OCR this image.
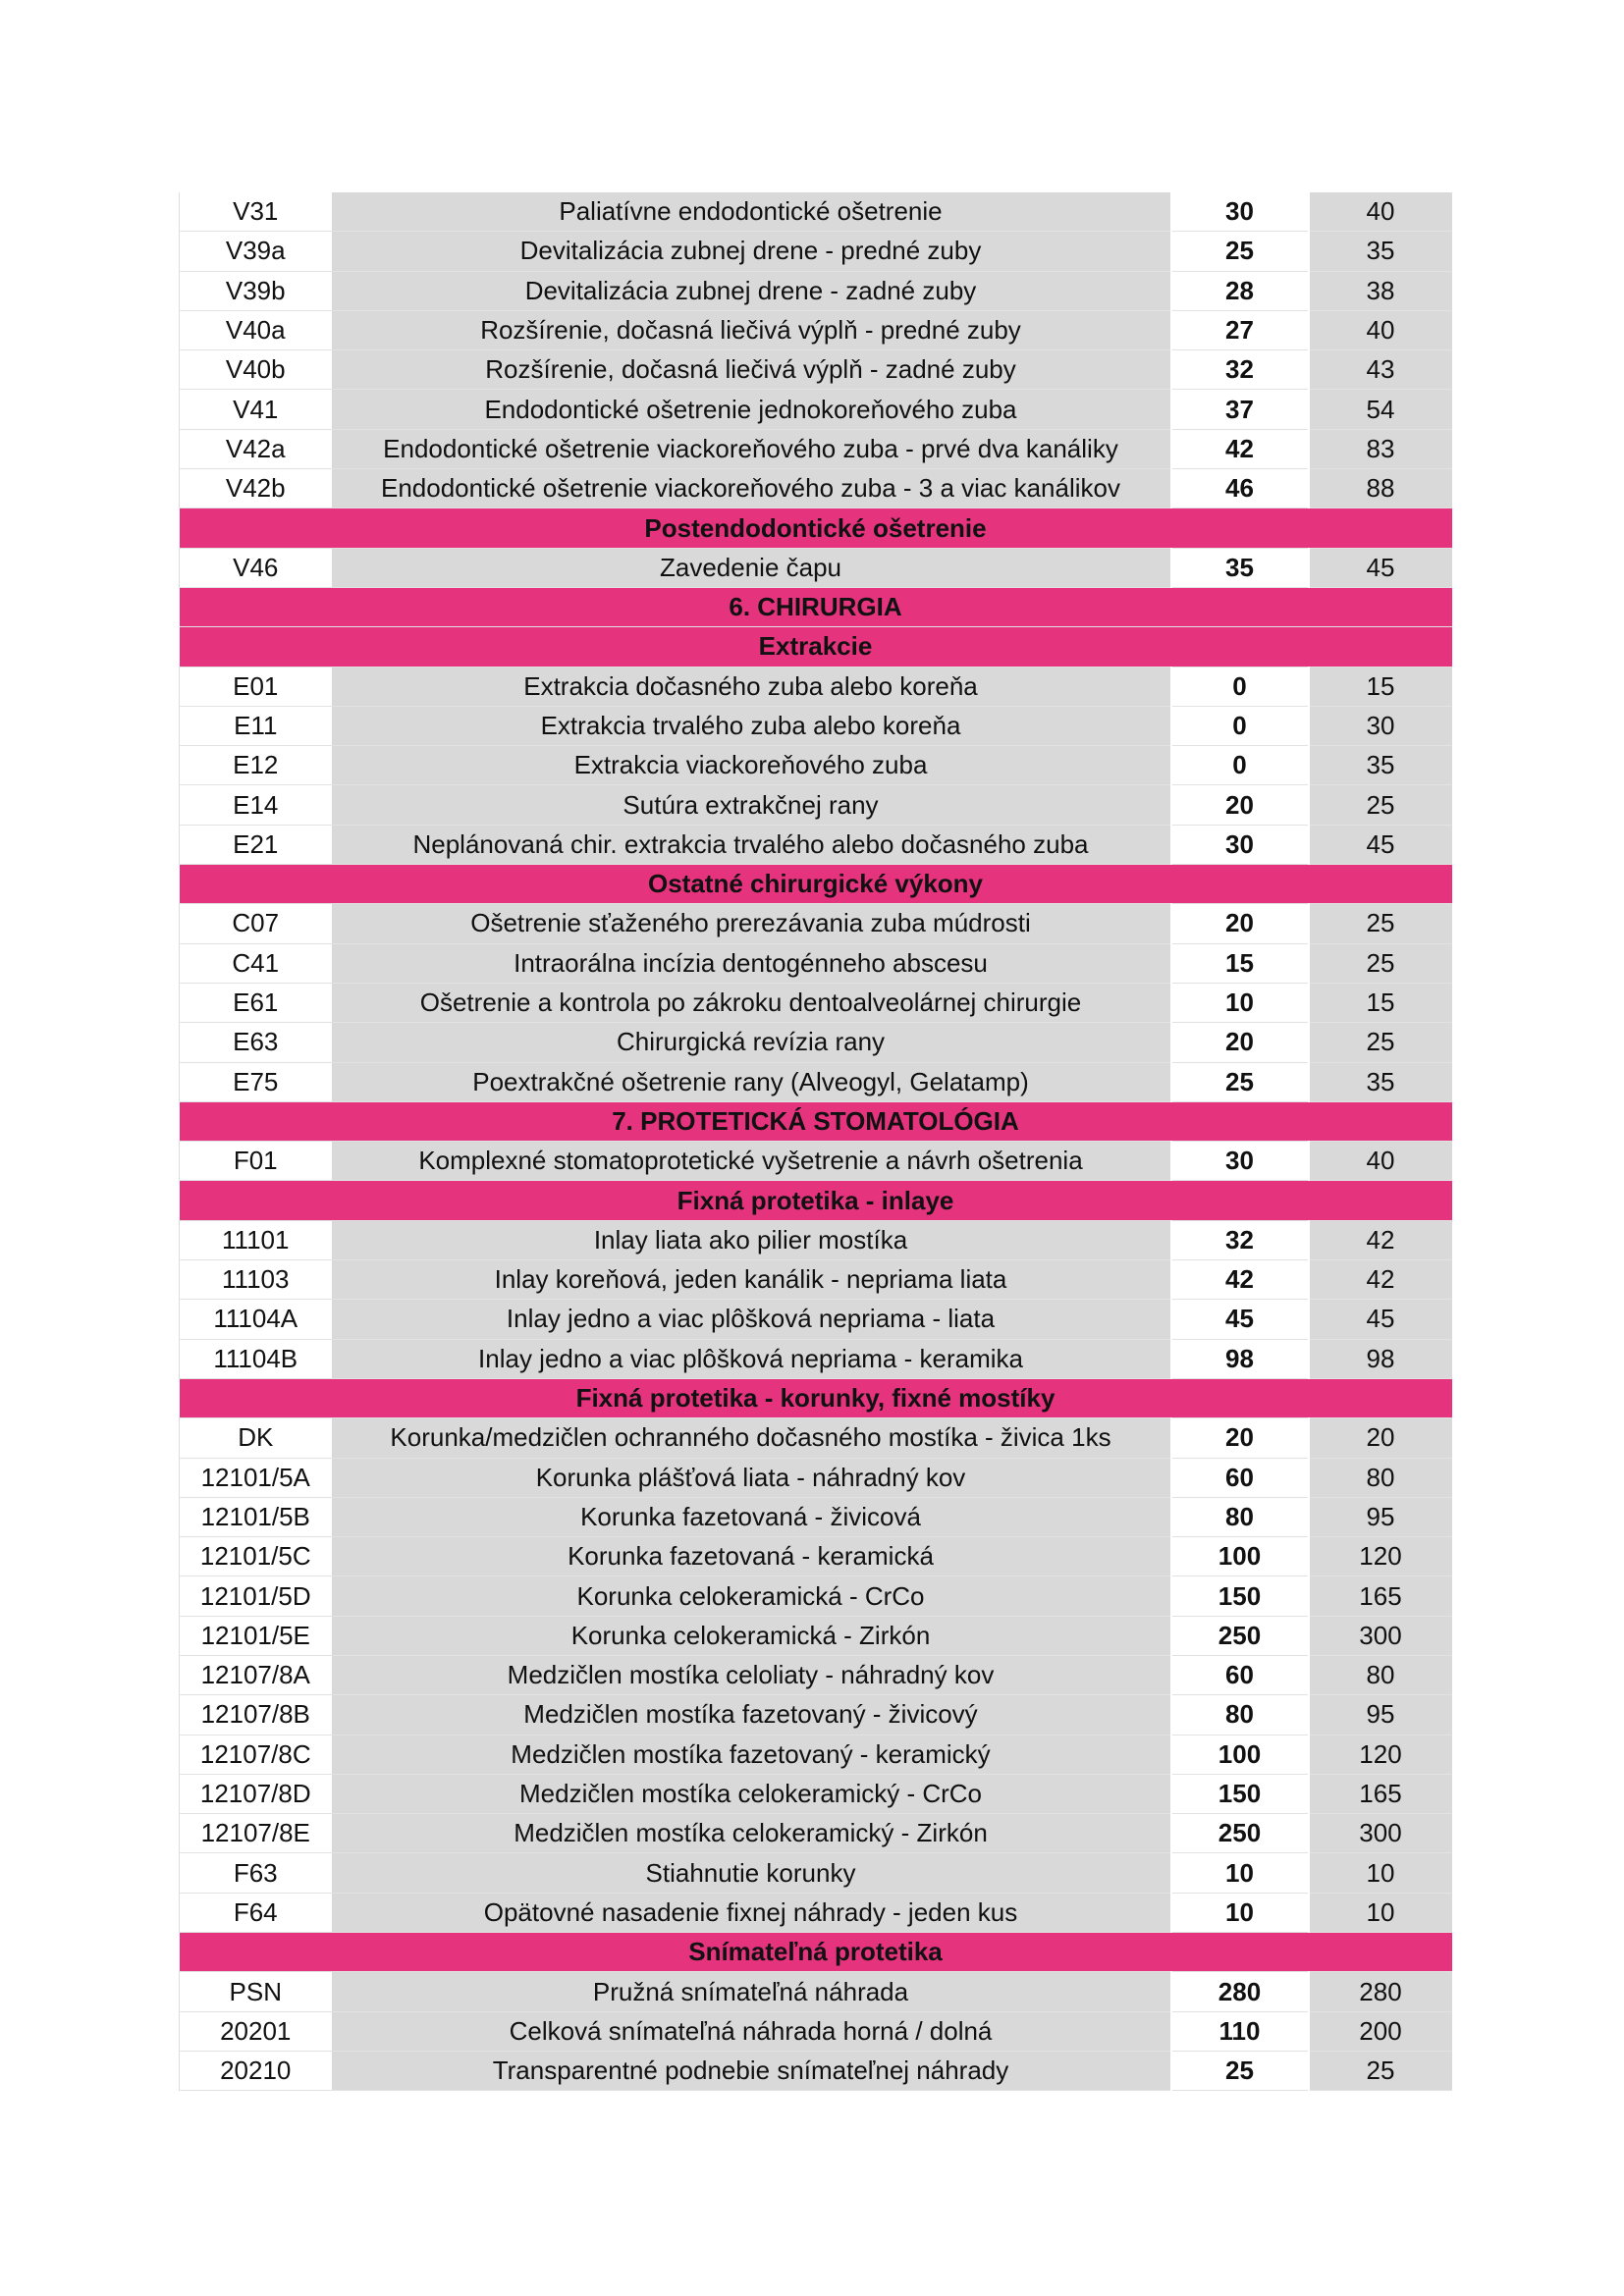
V31	Paliatívne endodontické ošetrenie	30	40
V39a	Devitalizácia zubnej drene - predné zuby	25	35
V39b	Devitalizácia zubnej drene - zadné zuby	28	38
V40a	Rozšírenie, dočasná liečivá výplň - predné zuby	27	40
V40b	Rozšírenie, dočasná liečivá výplň - zadné zuby	32	43
V41	Endodontické ošetrenie jednokoreňového zuba	37	54
V42a	Endodontické ošetrenie viackoreňového zuba - prvé dva kanáliky	42	83
V42b	Endodontické ošetrenie viackoreňového zuba - 3 a viac kanálikov	46	88
Postendodontické ošetrenie			
V46	Zavedenie čapu	35	45
6. CHIRURGIA			
Extrakcie			
E01	Extrakcia dočasného zuba alebo koreňa	0	15
E11	Extrakcia trvalého zuba alebo koreňa	0	30
E12	Extrakcia viackoreňového zuba	0	35
E14	Sutúra extrakčnej rany	20	25
E21	Neplánovaná chir. extrakcia trvalého alebo dočasného zuba	30	45
Ostatné chirurgické výkony			
C07	Ošetrenie sťaženého prerezávania zuba múdrosti	20	25
C41	Intraorálna incízia dentogénneho abscesu	15	25
E61	Ošetrenie a kontrola po zákroku dentoalveolárnej chirurgie	10	15
E63	Chirurgická revízia rany	20	25
E75	Poextrakčné ošetrenie rany (Alveogyl, Gelatamp)	25	35
7. PROTETICKÁ STOMATOLÓGIA			
F01	Komplexné stomatoprotetické vyšetrenie a návrh ošetrenia	30	40
Fixná protetika - inlaye			
11101	Inlay liata ako pilier mostíka	32	42
11103	Inlay koreňová, jeden kanálik - nepriama liata	42	42
11104A	Inlay jedno a viac plôšková nepriama - liata	45	45
11104B	Inlay jedno a viac plôšková nepriama - keramika	98	98
Fixná protetika - korunky, fixné mostíky			
DK	Korunka/medzičlen ochranného dočasného mostíka - živica 1ks	20	20
12101/5A	Korunka plášťová liata - náhradný kov	60	80
12101/5B	Korunka fazetovaná - živicová	80	95
12101/5C	Korunka fazetovaná - keramická	100	120
12101/5D	Korunka celokeramická - CrCo	150	165
12101/5E	Korunka celokeramická - Zirkón	250	300
12107/8A	Medzičlen mostíka celoliaty - náhradný kov	60	80
12107/8B	Medzičlen mostíka fazetovaný - živicový	80	95
12107/8C	Medzičlen mostíka fazetovaný - keramický	100	120
12107/8D	Medzičlen mostíka celokeramický - CrCo	150	165
12107/8E	Medzičlen mostíka celokeramický - Zirkón	250	300
F63	Stiahnutie korunky	10	10
F64	Opätovné nasadenie fixnej náhrady - jeden kus	10	10
Snímateľná protetika			
PSN	Pružná snímateľná náhrada	280	280
20201	Celková snímateľná náhrada horná / dolná	110	200
20210	Transparentné podnebie snímateľnej náhrady	25	25
